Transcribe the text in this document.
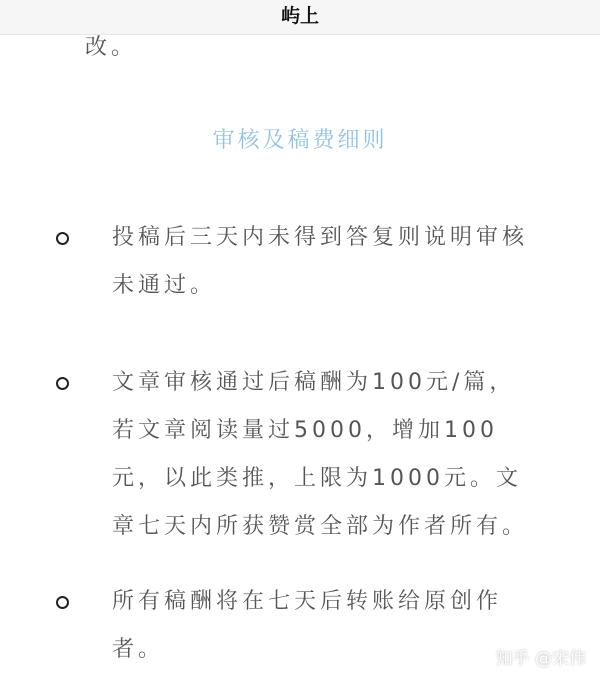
屿上
改。
审核及稿费细则
投稿后三天内未得到答复则说明审核
未通过。
文章审核通过后稿酬为100元/篇，
若文章阅读量过5000，增加100
元，以此类推，上限为1000元。文
章七天内所获赞赏全部为作者所有。
所有稿酬将在七天后转账给原创作
者。	知乎 @宋伟
